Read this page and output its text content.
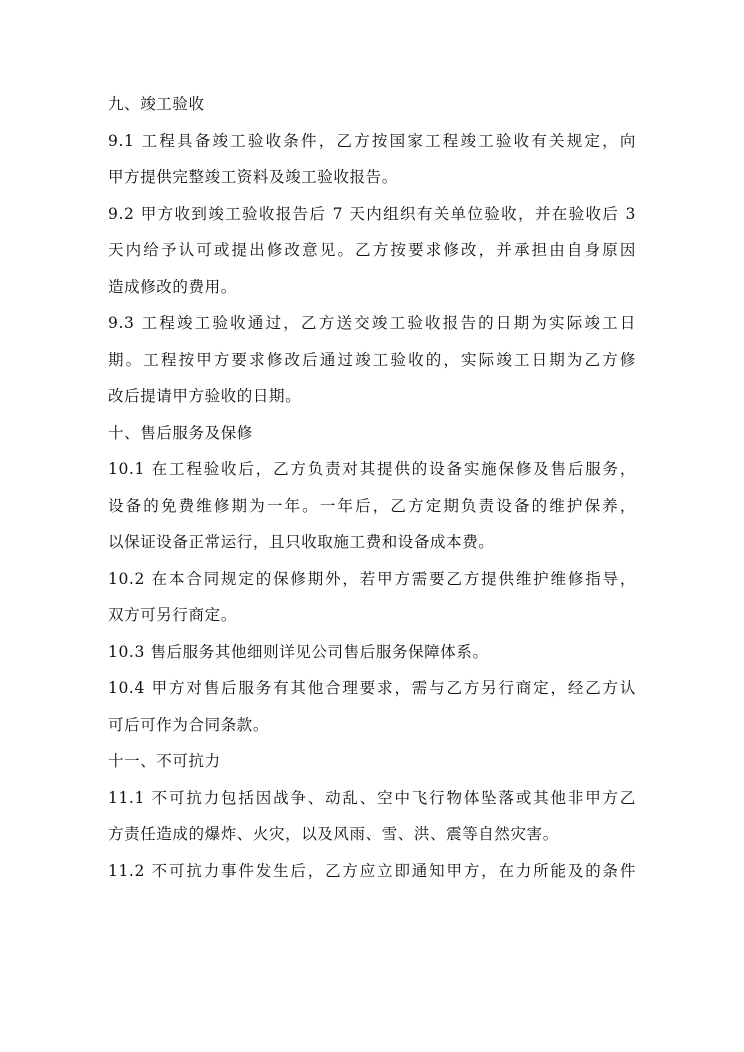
九、竣工验收
9.1 工程具备竣工验收条件，乙方按国家工程竣工验收有关规定，向
甲方提供完整竣工资料及竣工验收报告。
9.2 甲方收到竣工验收报告后 7 天内组织有关单位验收，并在验收后 3
天内给予认可或提出修改意见。乙方按要求修改，并承担由自身原因
造成修改的费用。
9.3 工程竣工验收通过，乙方送交竣工验收报告的日期为实际竣工日
期。工程按甲方要求修改后通过竣工验收的，实际竣工日期为乙方修
改后提请甲方验收的日期。
十、售后服务及保修
10.1 在工程验收后，乙方负责对其提供的设备实施保修及售后服务，
设备的免费维修期为一年。一年后，乙方定期负责设备的维护保养，
以保证设备正常运行，且只收取施工费和设备成本费。
10.2 在本合同规定的保修期外，若甲方需要乙方提供维护维修指导，
双方可另行商定。
10.3 售后服务其他细则详见公司售后服务保障体系。
10.4 甲方对售后服务有其他合理要求，需与乙方另行商定，经乙方认
可后可作为合同条款。
十一、不可抗力
11.1 不可抗力包括因战争、动乱、空中飞行物体坠落或其他非甲方乙
方责任造成的爆炸、火灾，以及风雨、雪、洪、震等自然灾害。
11.2 不可抗力事件发生后，乙方应立即通知甲方，在力所能及的条件
